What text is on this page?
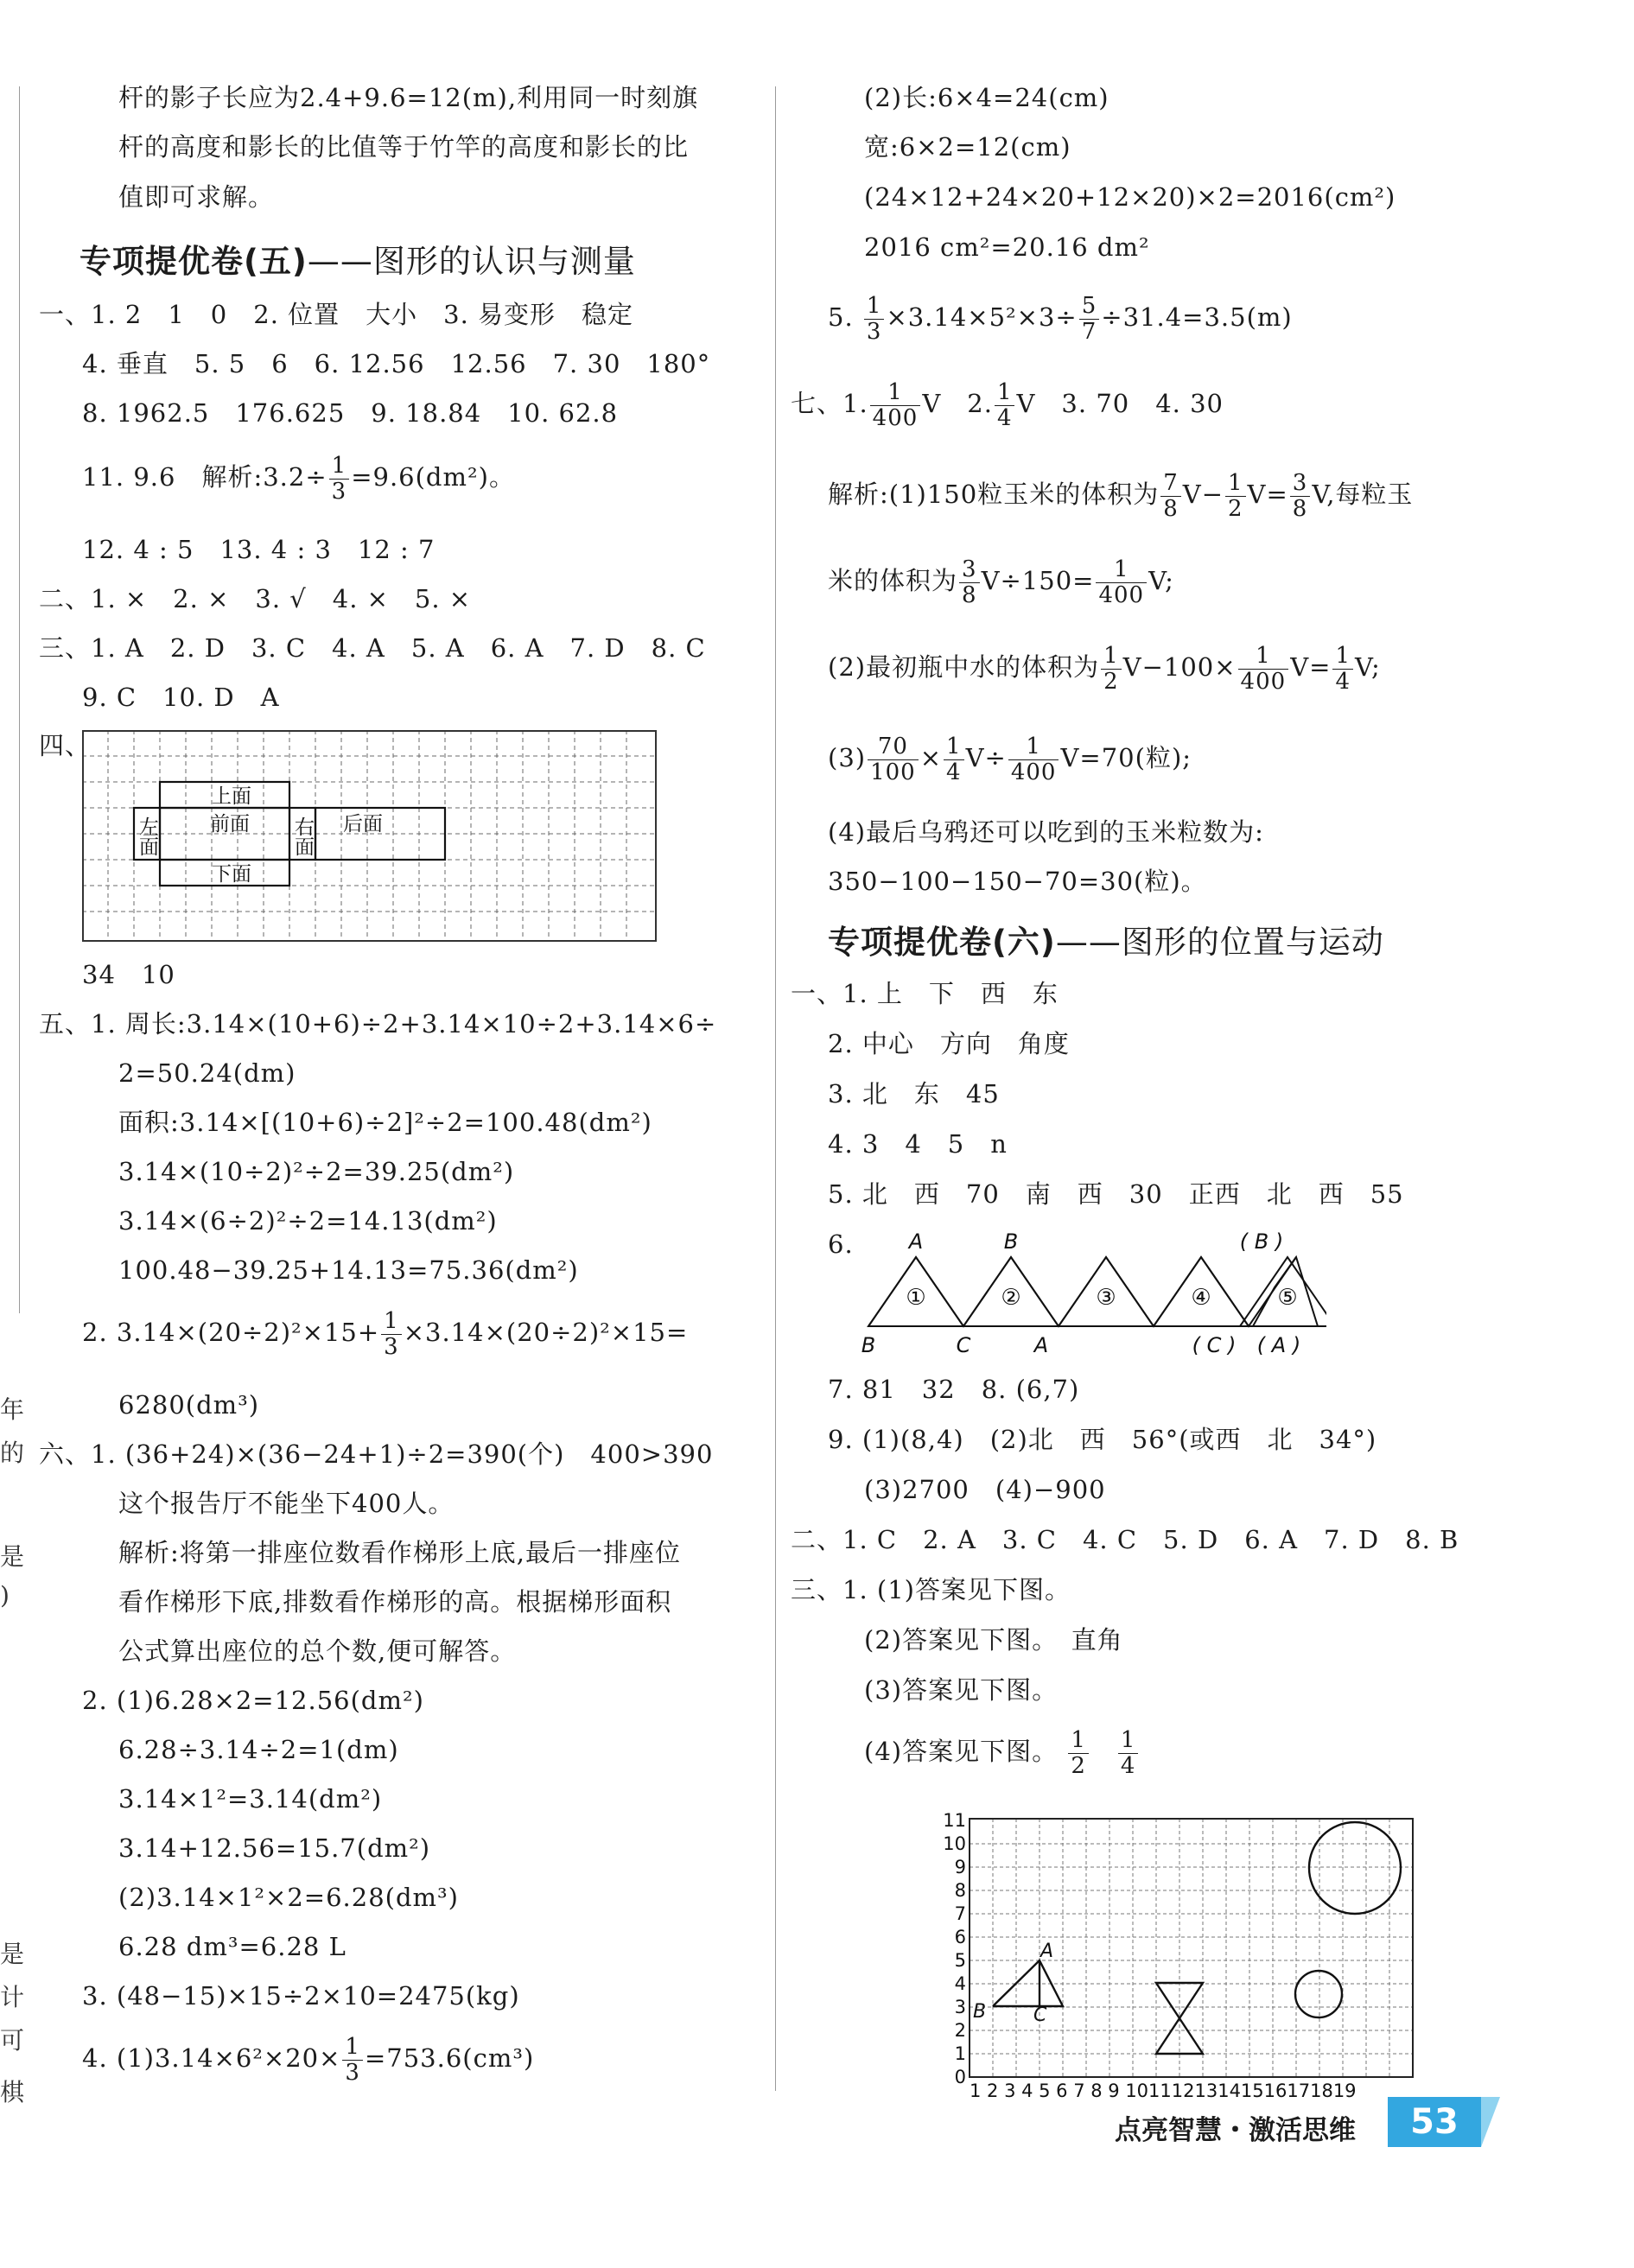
年
的
是
)
是
计
可
棋
杆的影子长应为2.4+9.6=12(m),利用同一时刻旗
杆的高度和影长的比值等于竹竿的高度和影长的比
值即可求解。
专项提优卷(五)——图形的认识与测量
一、1. 2　1　0　2. 位置　大小　3. 易变形　稳定
4. 垂直　5. 5　6　6. 12.56　12.56　7. 30　180°
8. 1962.5　176.625　9. 18.84　10. 62.8
11. 9.6　解析:3.2÷ $\frac{1}{3} =9.6(dm^2)$。
12. 4 : 5　13. 4 : 3　12 : 7
二、1. ×　2. ×　3. √　4. ×　5. ×
三、1. A　2. D　3. C　4. A　5. A　6. A　7. D　8. C
9. C　10. D　A
四、
上面
前面
下面
后面
左面	右面
34　10
五、1. 周长:3.14×(10+6)÷2+3.14×10÷2+3.14×6÷
2=50.24(dm)
面积:3.14×[(10+6)÷2]²÷2=100.48(dm²)
3.14×(10÷2)²÷2=39.25(dm²)
3.14×(6÷2)²÷2=14.13(dm²)
100.48−39.25+14.13=75.36(dm²)
2. $3.14\times(20\div 2)^2\times 15+ \frac{1}{3} \times 3.14\times(20\div 2)^2\times 15=$
6280(dm³)
六、1. (36+24)×(36−24+1)÷2=390(个)　400>390
这个报告厅不能坐下400人。
解析:将第一排座位数看作梯形上底,最后一排座位
看作梯形下底,排数看作梯形的高。根据梯形面积
公式算出座位的总个数,便可解答。
2. (1)6.28×2=12.56(dm²)
6.28÷3.14÷2=1(dm)
3.14×1²=3.14(dm²)
3.14+12.56=15.7(dm²)
(2)3.14×1²×2=6.28(dm³)
6.28 dm³=6.28 L
3. (48−15)×15÷2×10=2475(kg)
4. $(1)3.14\times 6^2\times 20\times \frac{1}{3} =753.6(cm^3)$
(2)长:6×4=24(cm)
宽:6×2=12(cm)
(24×12+24×20+12×20)×2=2016(cm²)
2016 cm²=20.16 dm²
5. $\frac{1}{3} \times 3.14\times 5^2\times 3\div \frac{5}{7} \div 31.4=3.5(m)$
七、1. $\frac{1}{400}$ V　2. $\frac{1}{4}$ V　3. 70　4. 30
解析:(1)150粒玉米的体积为 $\frac{7}{8} V- \frac{1}{2} V= \frac{3}{8} V$,每粒玉
米的体积为 $\frac{3}{8} V\div 150= \frac{1}{400} V$;
(2)最初瓶中水的体积为 $\frac{1}{2} V-100\times \frac{1}{400} V= \frac{1}{4} V$;
$(3) \frac{70}{100} \times \frac{1}{4} V\div \frac{1}{400} V=70$(粒);
(4)最后乌鸦还可以吃到的玉米粒数为:
350−100−150−70=30(粒)。
专项提优卷(六)——图形的位置与运动
一、1. 上　下　西　东
2. 中心　方向　角度
3. 北　东　45
4. 3　4　5　n
5. 北　西　70　南　西　30　正西　北　西　55
6.
①	②	③	④	⑤
A	B	( B )
B	C	A	( C ) ( A )
7. 81　32　8. (6,7)
9. (1)(8,4)　(2)北　西　56°(或西　北　34°)
(3)2700　(4)−900
二、1. C　2. A　3. C　4. C　5. D　6. A　7. D　8. B
三、1. (1)答案见下图。
(2)答案见下图。　直角
(3)答案见下图。
(4)答案见下图。 $\frac{1}{2}$
　 $\frac{1}{4}$
A
B C
0
1
2
3
4
5
6
7
8
9
10
11
1 2 3 4 5 6 7 8 9 10111213141516171819
点亮智慧・激活思维	53
